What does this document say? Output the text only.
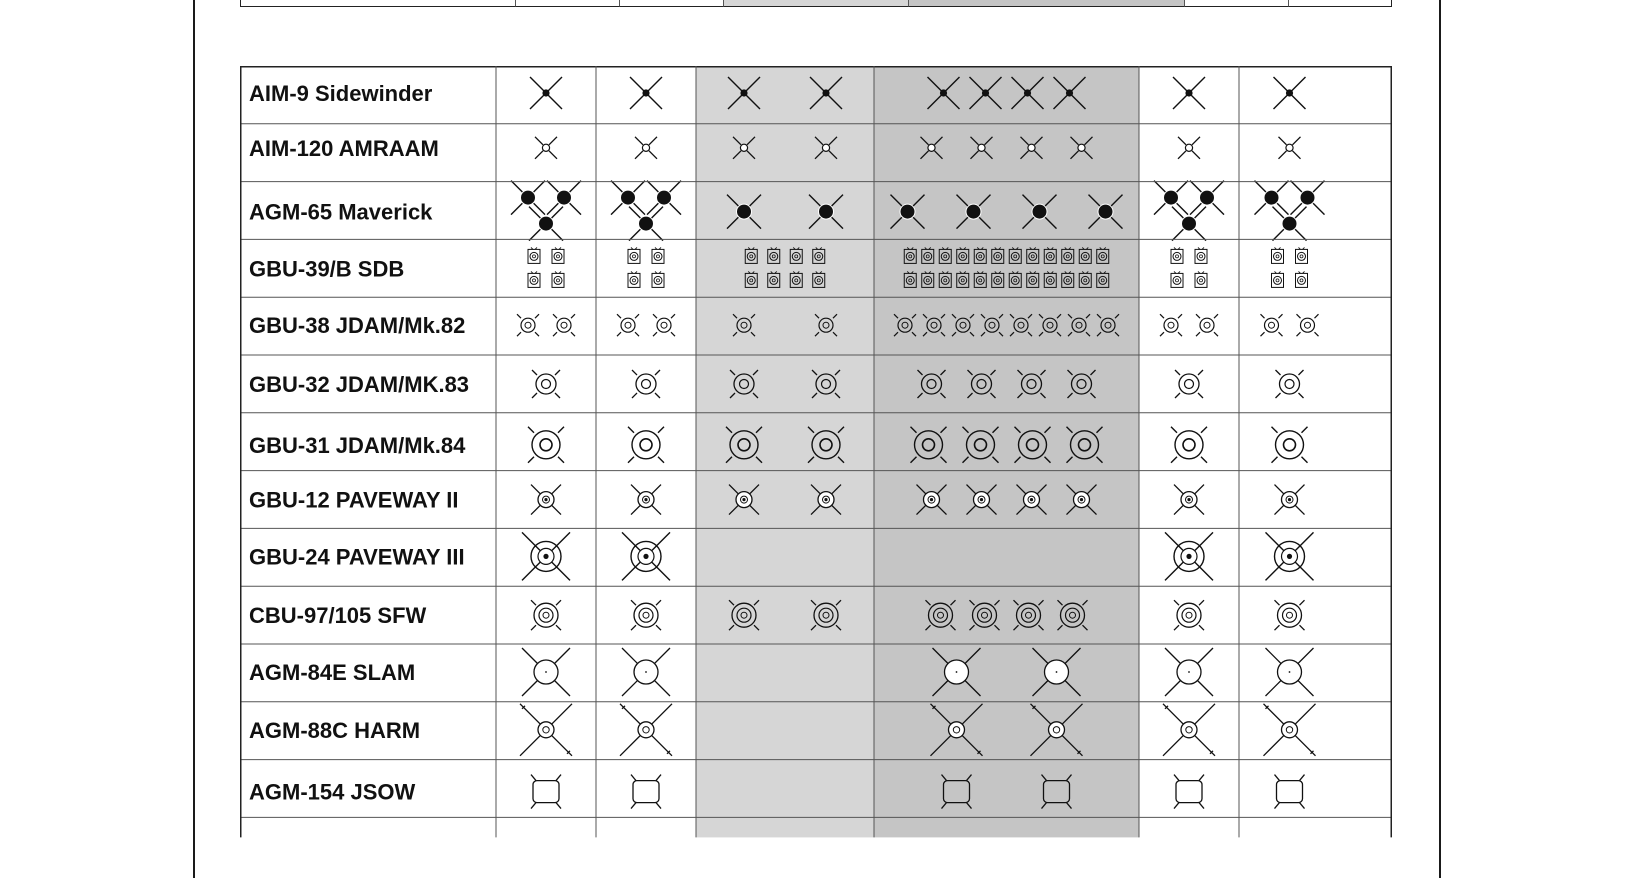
AIM-9 Sidewinder
AIM-120 AMRAAM
AGM-65 Maverick
GBU-39/B SDB
GBU-38 JDAM/Mk.82
GBU-32 JDAM/MK.83
GBU-31 JDAM/Mk.84
GBU-12 PAVEWAY II
GBU-24 PAVEWAY III
CBU-97/105 SFW
AGM-84E SLAM
AGM-88C HARM
AGM-154 JSOW
